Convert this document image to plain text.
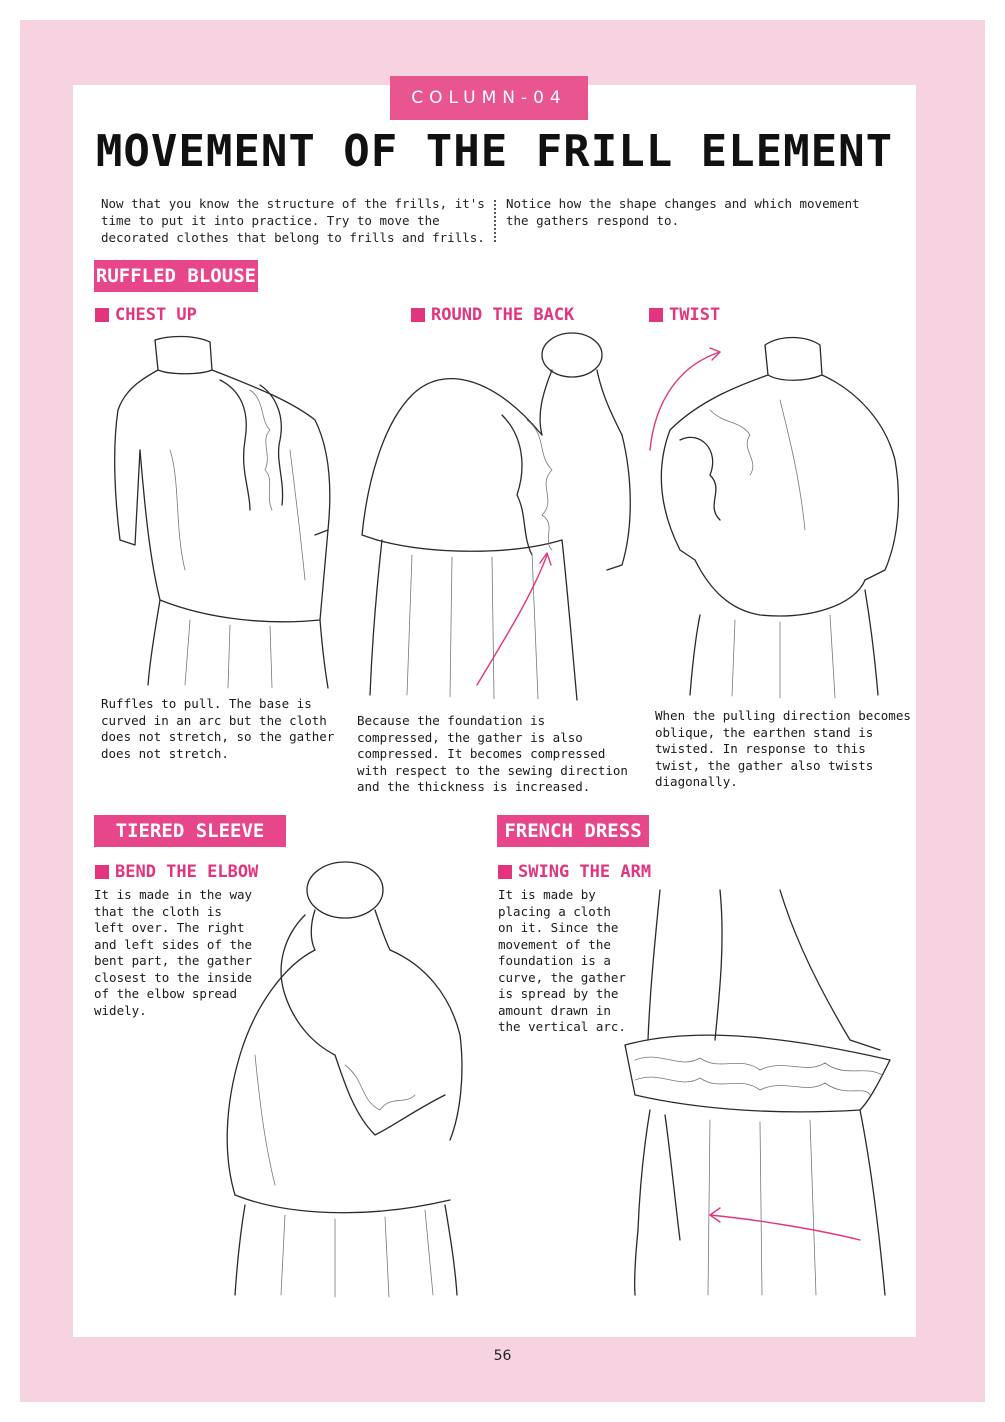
COLUMN-04
MOVEMENT OF THE FRILL ELEMENT
Now that you know the structure of the frills, it's time to put it into practice. Try to move the decorated clothes that belong to frills and frills.
Notice how the shape changes and which movement the gathers respond to.
RUFFLED BLOUSE
CHEST UP	ROUND THE BACK	TWIST
Ruffles to pull. The base is curved in an arc but the cloth does not stretch, so the gather does not stretch.
Because the foundation is compressed, the gather is also compressed. It becomes compressed with respect to the sewing direction and the thickness is increased.
When the pulling direction becomes oblique, the earthen stand is twisted. In response to this twist, the gather also twists diagonally.
TIERED SLEEVE
BEND THE ELBOW
It is made in the way that the cloth is left over. The right and left sides of the bent part, the gather closest to the inside of the elbow spread widely.
FRENCH DRESS
SWING THE ARM
It is made by placing a cloth on it. Since the movement of the foundation is a curve, the gather is spread by the amount drawn in the vertical arc.
56
